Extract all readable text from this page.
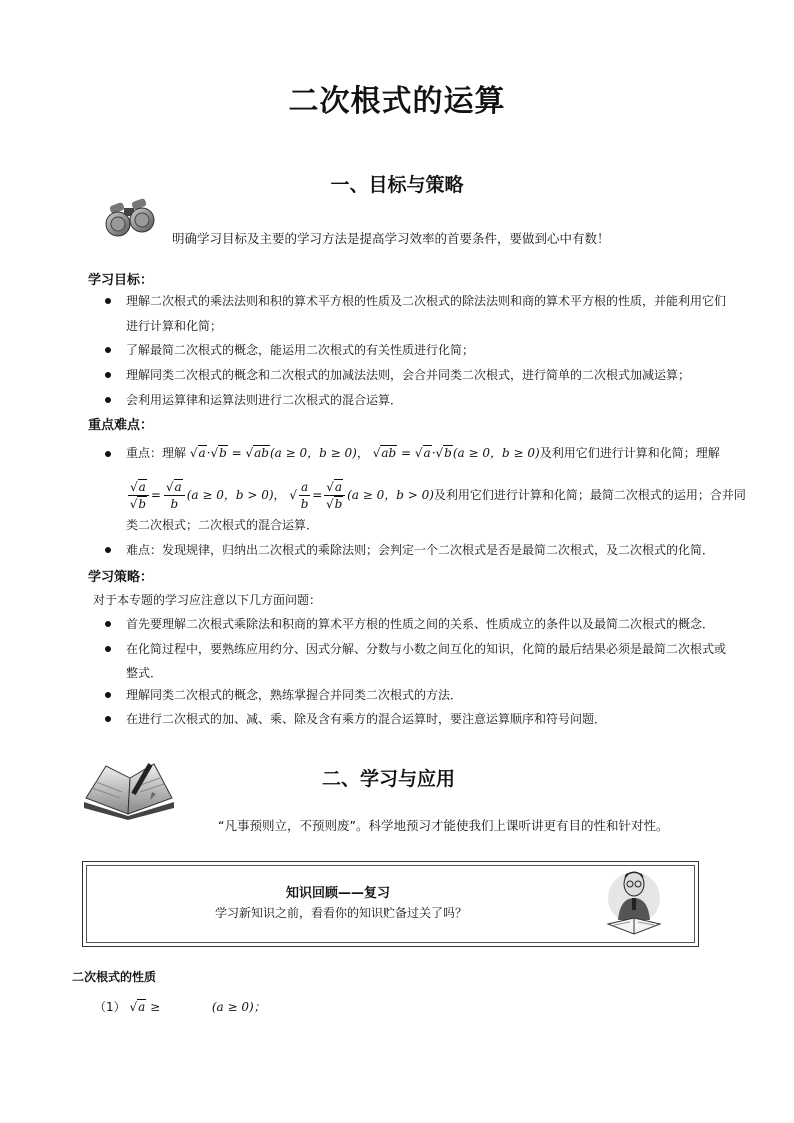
二次根式的运算
一、目标与策略
明确学习目标及主要的学习方法是提高学习效率的首要条件，要做到心中有数！
学习目标：
理解二次根式的乘法法则和积的算术平方根的性质及二次根式的除法法则和商的算术平方根的性质，并能利用它们
进行计算和化简；
了解最简二次根式的概念，能运用二次根式的有关性质进行化简；
理解同类二次根式的概念和二次根式的加减法法则，会合并同类二次根式，进行简单的二次根式加减运算；
会利用运算律和运算法则进行二次根式的混合运算．
重点难点：
重点：理解 √a·√b = √ab(a ≥ 0，b ≥ 0)， √ab = √a·√b(a ≥ 0，b ≥ 0)及利用它们进行计算和化简；理解
$\frac{√a}{√b} = \frac{√a}{b} (a \ge 0$，b > 0)， √ $\frac{a}{b} = \frac{√a}{√b} (a \ge 0$，b > 0)及利用它们进行计算和化简；最简二次根式的运用；合并同
类二次根式；二次根式的混合运算．
难点：发现规律，归纳出二次根式的乘除法则；会判定一个二次根式是否是最简二次根式，及二次根式的化简．
学习策略：
对于本专题的学习应注意以下几方面问题：
首先要理解二次根式乘除法和积商的算术平方根的性质之间的关系、性质成立的条件以及最简二次根式的概念．
在化简过程中，要熟练应用约分、因式分解、分数与小数之间互化的知识，化简的最后结果必须是最简二次根式或
整式．
理解同类二次根式的概念，熟练掌握合并同类二次根式的方法．
在进行二次根式的加、减、乘、除及含有乘方的混合运算时，要注意运算顺序和符号问题．
二、学习与应用
“凡事预则立，不预则废”。科学地预习才能使我们上课听讲更有目的性和针对性。
知识回顾——复习
学习新知识之前，看看你的知识贮备过关了吗？
二次根式的性质
（1） √a ≥	(a ≥ 0)；
